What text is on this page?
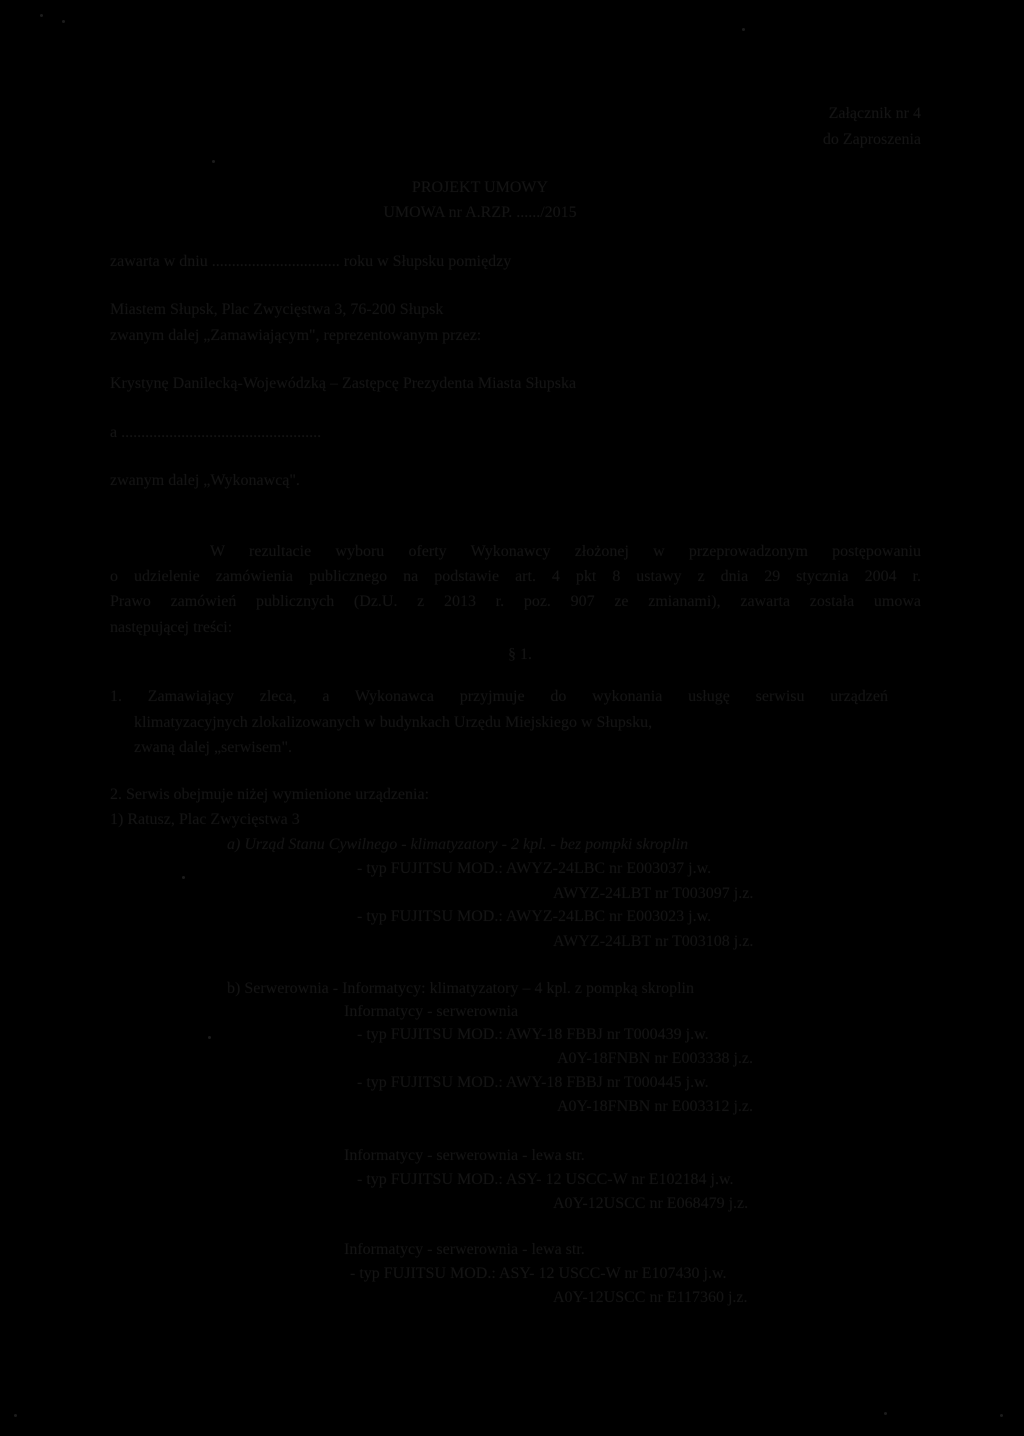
Załącznik nr 4
do Zaproszenia
PROJEKT UMOWY
UMOWA nr A.RZP. ....../2015
zawarta w dniu ................................ roku w Słupsku pomiędzy
Miastem Słupsk, Plac Zwycięstwa 3, 76-200 Słupsk
zwanym dalej „Zamawiającym", reprezentowanym przez:
Krystynę Danilecką-Wojewódzką – Zastępcę Prezydenta Miasta Słupska
a ..................................................
zwanym dalej „Wykonawcą".
W rezultacie wyboru oferty Wykonawcy złożonej w przeprowadzonym postępowaniu
o udzielenie zamówienia publicznego na podstawie art. 4 pkt 8 ustawy z dnia 29 stycznia 2004 r.
Prawo zamówień publicznych (Dz.U. z 2013 r. poz. 907 ze zmianami), zawarta została umowa
następującej treści:
§ 1.
1. Zamawiający zleca, a Wykonawca przyjmuje do wykonania usługę serwisu urządzeń
klimatyzacyjnych zlokalizowanych w budynkach Urzędu Miejskiego w Słupsku,
zwaną dalej „serwisem".
2. Serwis obejmuje niżej wymienione urządzenia:
1) Ratusz, Plac Zwycięstwa 3
a) Urząd Stanu Cywilnego - klimatyzatory - 2 kpl. - bez pompki skroplin
- typ FUJITSU MOD.: AWYZ-24LBC nr E003037 j.w.
AWYZ-24LBT nr T003097 j.z.
- typ FUJITSU MOD.: AWYZ-24LBC nr E003023 j.w.
AWYZ-24LBT nr T003108 j.z.
b) Serwerownia - Informatycy: klimatyzatory – 4 kpl. z pompką skroplin
Informatycy - serwerownia
- typ FUJITSU MOD.: AWY-18 FBBJ nr T000439 j.w.
A0Y-18FNBN nr E003338 j.z.
- typ FUJITSU MOD.: AWY-18 FBBJ nr T000445 j.w.
A0Y-18FNBN nr E003312 j.z.
Informatycy - serwerownia - lewa str.
- typ FUJITSU MOD.: ASY- 12 USCC-W nr E102184 j.w.
A0Y-12USCC nr E068479 j.z.
Informatycy - serwerownia - lewa str.
- typ FUJITSU MOD.: ASY- 12 USCC-W nr E107430 j.w.
A0Y-12USCC nr E117360 j.z.
